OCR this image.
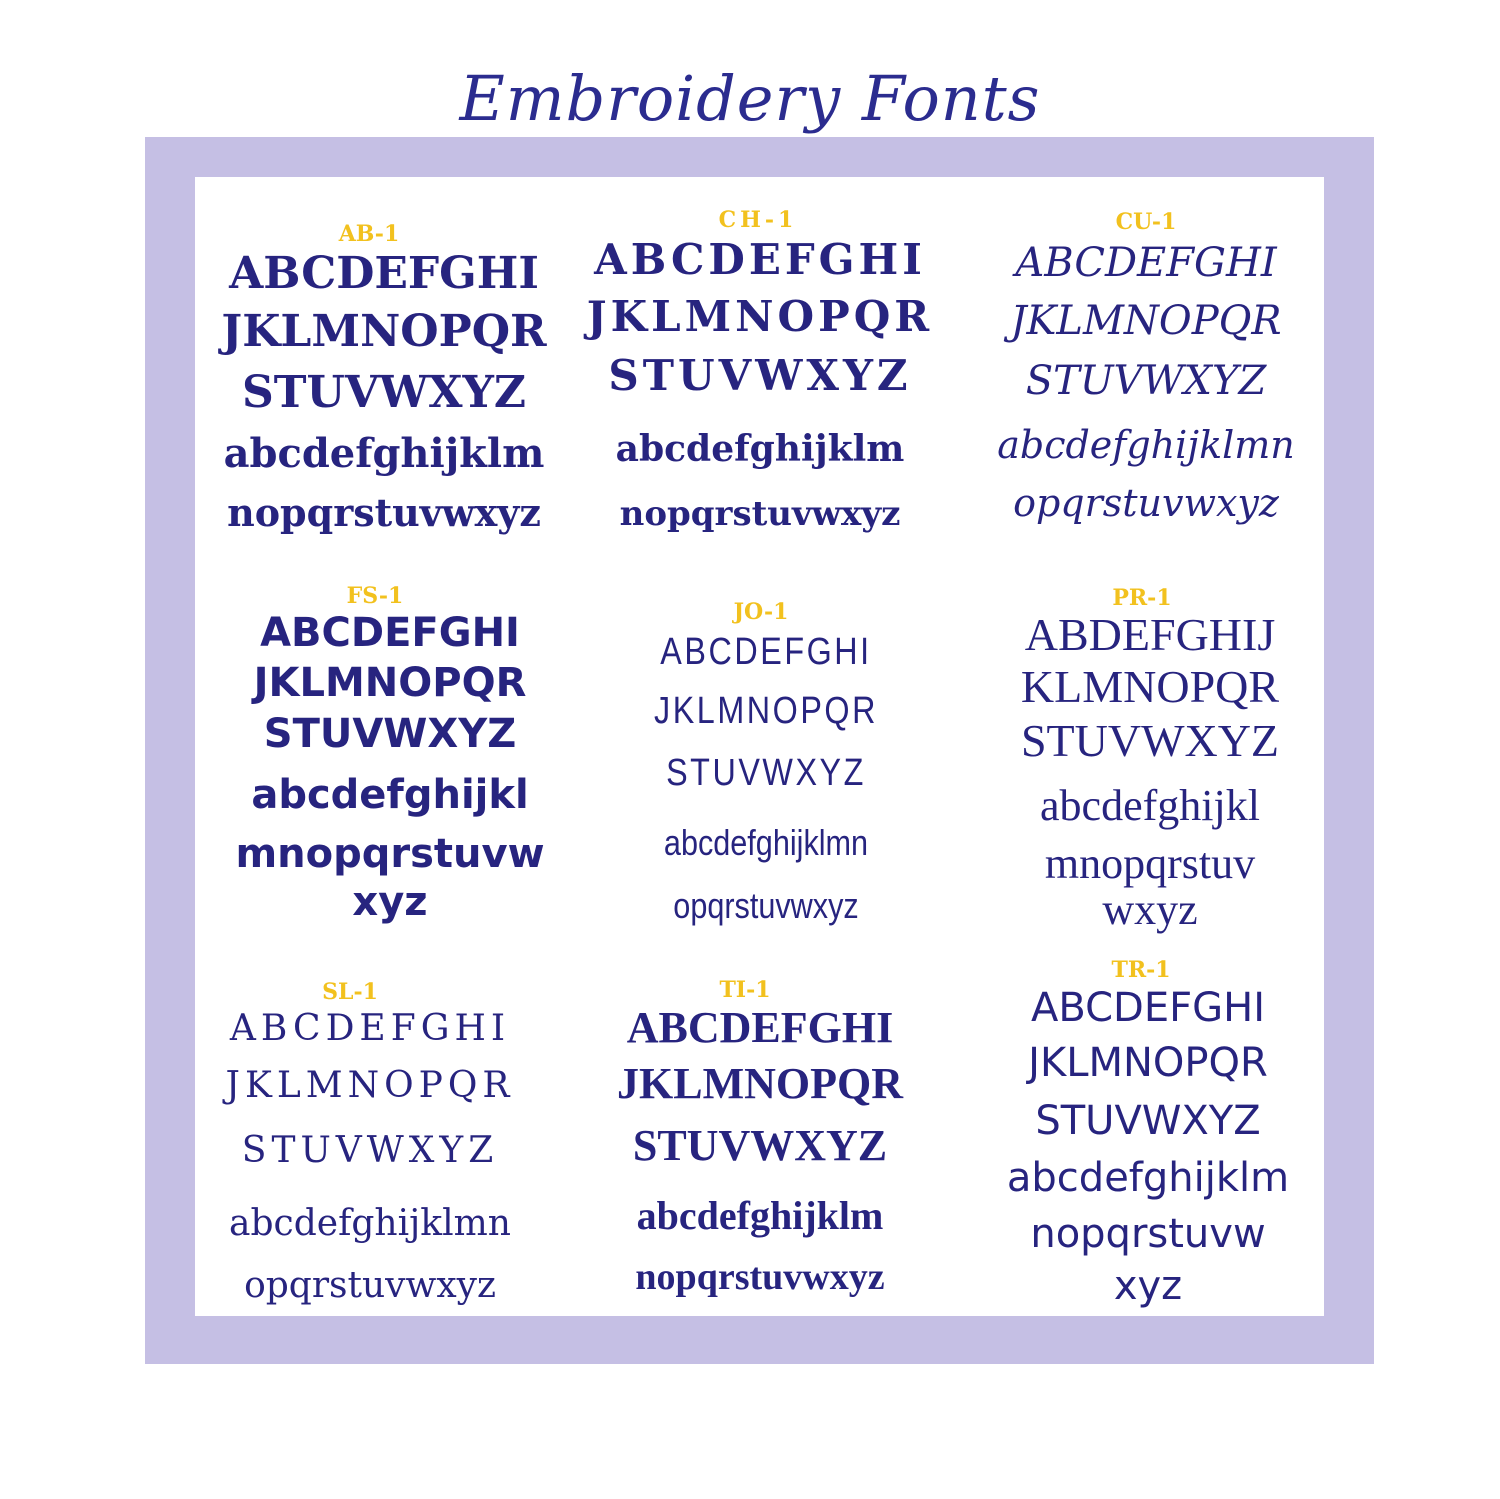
Embroidery Fonts
AB-1
ABCDEFGHI
JKLMNOPQR
STUVWXYZ
abcdefghijklm
nopqrstuvwxyz
CH-1
ABCDEFGHI
JKLMNOPQR
STUVWXYZ
abcdefghijklm
nopqrstuvwxyz
CU-1
ABCDEFGHI
JKLMNOPQR
STUVWXYZ
abcdefghijklmn
opqrstuvwxyz
FS-1
ABCDEFGHI
JKLMNOPQR
STUVWXYZ
abcdefghijkl
mnopqrstuvw
xyz
JO-1
ABCDEFGHI
JKLMNOPQR
STUVWXYZ
abcdefghijklmn
opqrstuvwxyz
PR-1
ABDEFGHIJ
KLMNOPQR
STUVWXYZ
abcdefghijkl
mnopqrstuv
wxyz
SL-1
ABCDEFGHI
JKLMNOPQR
STUVWXYZ
abcdefghijklmn
opqrstuvwxyz
TI-1
ABCDEFGHI
JKLMNOPQR
STUVWXYZ
abcdefghijklm
nopqrstuvwxyz
TR-1
ABCDEFGHI
JKLMNOPQR
STUVWXYZ
abcdefghijklm
nopqrstuvw
xyz
